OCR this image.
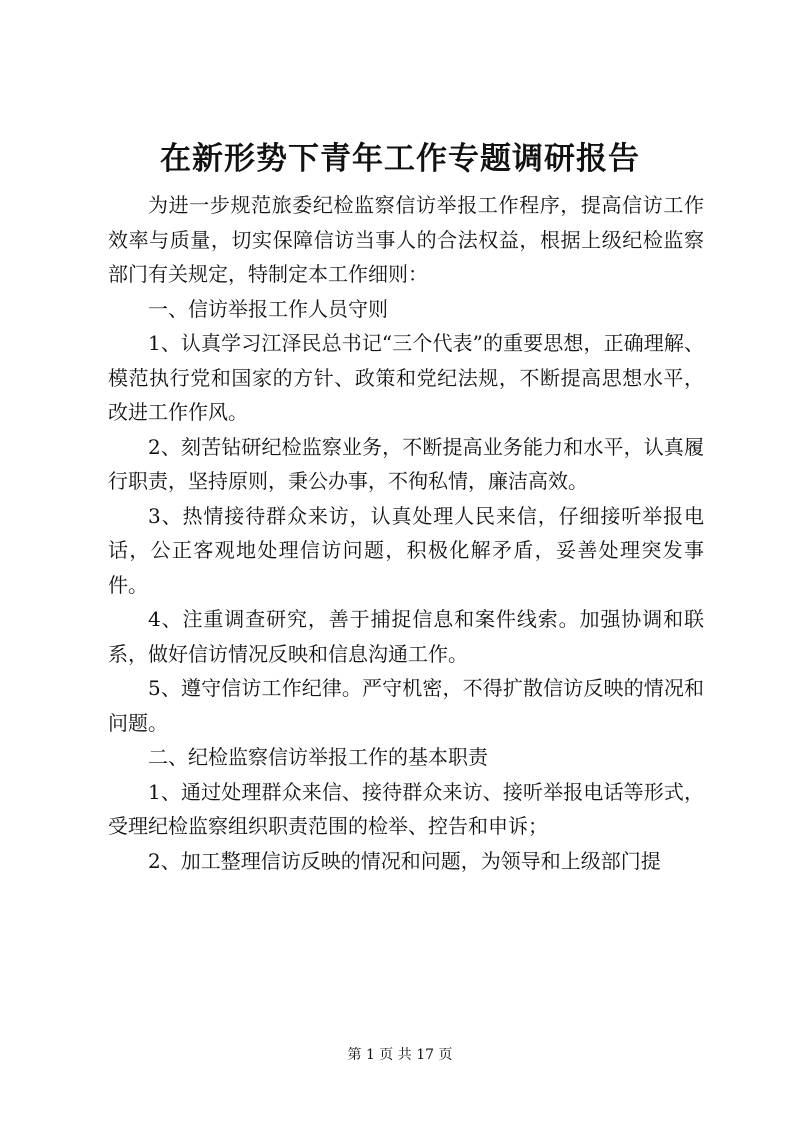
在新形势下青年工作专题调研报告

为进一步规范旅委纪检监察信访举报工作程序，提高信访工作效率与质量，切实保障信访当事人的合法权益，根据上级纪检监察部门有关规定，特制定本工作细则：

一、信访举报工作人员守则

1、认真学习江泽民总书记“三个代表”的重要思想，正确理解、模范执行党和国家的方针、政策和党纪法规，不断提高思想水平，改进工作作风。

2、刻苦钻研纪检监察业务，不断提高业务能力和水平，认真履行职责，坚持原则，秉公办事，不徇私情，廉洁高效。

3、热情接待群众来访，认真处理人民来信，仔细接听举报电话，公正客观地处理信访问题，积极化解矛盾，妥善处理突发事件。

4、注重调查研究，善于捕捉信息和案件线索。加强协调和联系，做好信访情况反映和信息沟通工作。

5、遵守信访工作纪律。严守机密，不得扩散信访反映的情况和问题。

二、纪检监察信访举报工作的基本职责

1、通过处理群众来信、接待群众来访、接听举报电话等形式，受理纪检监察组织职责范围的检举、控告和申诉；

2、加工整理信访反映的情况和问题，为领导和上级部门提

第 1 页 共 17 页
